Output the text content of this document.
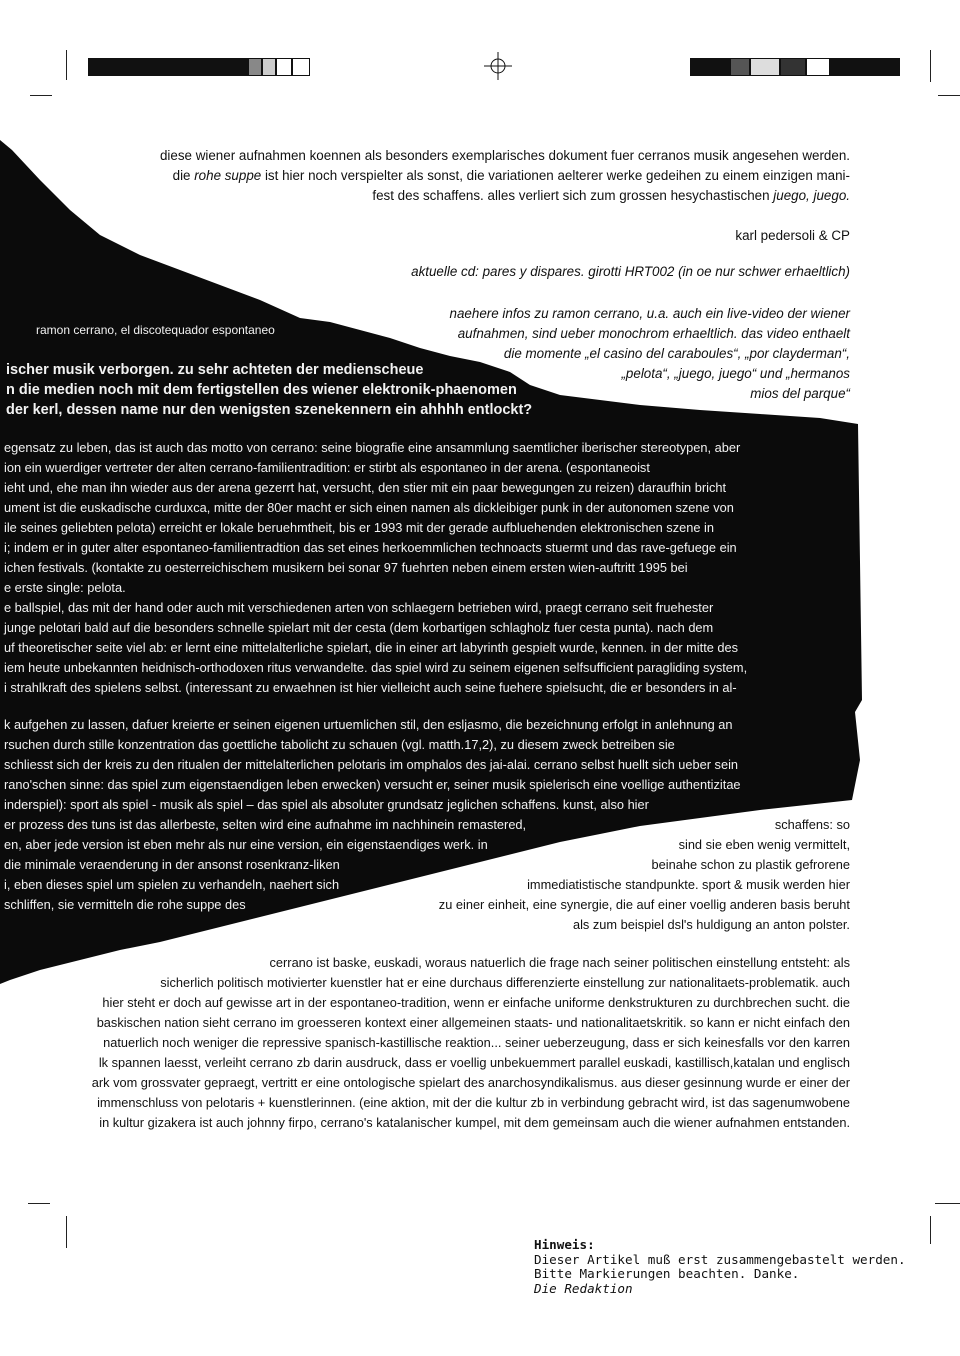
diese wiener aufnahmen koennen als besonders exemplarisches dokument fuer cerranos musik angesehen werden.
die rohe suppe ist hier noch verspielter als sonst, die variationen aelterer werke gedeihen zu einem einzigen mani-
fest des schaffens. alles verliert sich zum grossen hesychastischen juego, juego.
karl pedersoli & CP
aktuelle cd: pares y dispares. girotti HRT002 (in oe nur schwer erhaeltlich)
naehere infos zu ramon cerrano, u.a. auch ein live-video der wiener
aufnahmen, sind ueber monochrom erhaeltlich. das video enthaelt
die momente „el casino del caraboules“, „por clayderman“,
„pelota“, „juego, juego“ und „hermanos
mios del parque“
ramon cerrano, el discotequador espontaneo
ischer musik verborgen. zu sehr achteten der medienscheue
n die medien noch mit dem fertigstellen des wiener elektronik-phaenomen
der kerl, dessen name nur den wenigsten szenekennern ein ahhhh entlockt?
egensatz zu leben, das ist auch das motto von cerrano: seine biografie eine ansammlung saemtlicher iberischer stereotypen, aber
ion ein wuerdiger vertreter der alten cerrano-familientradition: er stirbt als espontaneo in der arena. (espontaneoist
ieht und, ehe man ihn wieder aus der arena gezerrt hat, versucht, den stier mit ein paar bewegungen zu reizen) daraufhin bricht
ument ist die euskadische curduxca, mitte der 80er macht er sich einen namen als dickleibiger punk in der autonomen szene von
ile seines geliebten pelota) erreicht er lokale beruehmtheit, bis er 1993 mit der gerade aufbluehenden elektronischen szene in
i; indem er in guter alter espontaneo-familientradtion das set eines herkoemmlichen technoacts stuermt und das rave-gefuege ein
ichen festivals. (kontakte zu oesterreichischem musikern bei sonar 97 fuehrten neben einem ersten wien-auftritt 1995 bei
e erste single: pelota.
e ballspiel, das mit der hand oder auch mit verschiedenen arten von schlaegern betrieben wird, praegt cerrano seit fruehester
junge pelotari bald auf die besonders schnelle spielart mit der cesta (dem korbartigen schlagholz fuer cesta punta). nach dem
uf theoretischer seite viel ab: er lernt eine mittelalterliche spielart, die in einer art labyrinth gespielt wurde, kennen. in der mitte des
iem heute unbekannten heidnisch-orthodoxen ritus verwandelte. das spiel wird zu seinem eigenen selfsufficient paragliding system,
i strahlkraft des spielens selbst. (interessant zu erwaehnen ist hier vielleicht auch seine fuehere spielsucht, die er besonders in al-
k aufgehen zu lassen, dafuer kreierte er seinen eigenen urtuemlichen stil, den esljasmo, die bezeichnung erfolgt in anlehnung an
rsuchen durch stille konzentration das goettliche tabolicht zu schauen (vgl. matth.17,2), zu diesem zweck betreiben sie
schliesst sich der kreis zu den ritualen der mittelalterlichen pelotaris im omphalos des jai-alai. cerrano selbst huellt sich ueber sein
rano'schen sinne: das spiel zum eigenstaendigen leben erwecken) versucht er, seiner musik spielerisch eine voellige authentizitae
inderspiel): sport als spiel - musik als spiel – das spiel als absoluter grundsatz jeglichen schaffens. kunst, also hier
er prozess des tuns ist das allerbeste, selten wird eine aufnahme im nachhinein remastered,
en, aber jede version ist eben mehr als nur eine version, ein eigenstaendiges werk. in
die minimale veraenderung in der ansonst rosenkranz-liken
i, eben dieses spiel um spielen zu verhandeln, naehert sich
schliffen, sie vermitteln die rohe suppe des
schaffens: so
sind sie eben wenig vermittelt,
beinahe schon zu plastik gefrorene
immediatistische standpunkte. sport & musik werden hier
zu einer einheit, eine synergie, die auf einer voellig anderen basis beruht
als zum beispiel dsl's huldigung an anton polster.
cerrano ist baske, euskadi, woraus natuerlich die frage nach seiner politischen einstellung entsteht: als
sicherlich politisch motivierter kuenstler hat er eine durchaus differenzierte einstellung zur nationalitaets-problematik. auch
hier steht er doch auf gewisse art in der espontaneo-tradition, wenn er einfache uniforme denkstrukturen zu durchbrechen sucht. die
baskischen nation sieht cerrano im groesseren kontext einer allgemeinen staats- und nationalitaetskritik. so kann er nicht einfach den
natuerlich noch weniger die repressive spanisch-kastillische reaktion... seiner ueberzeugung, dass er sich keinesfalls vor den karren
lk spannen laesst, verleiht cerrano zb darin ausdruck, dass er voellig unbekuemmert parallel euskadi, kastillisch,katalan und englisch
ark vom grossvater gepraegt, vertritt er eine ontologische spielart des anarchosyndikalismus. aus dieser gesinnung wurde er einer der
immenschluss von pelotaris + kuenstlerinnen. (eine aktion, mit der die kultur zb in verbindung gebracht wird, ist das sagenumwobene
in kultur gizakera ist auch johnny firpo, cerrano's katalanischer kumpel, mit dem gemeinsam auch die wiener aufnahmen entstanden.
Hinweis:
Dieser Artikel muß erst zusammengebastelt werden.
Bitte Markierungen beachten. Danke.
Die Redaktion
